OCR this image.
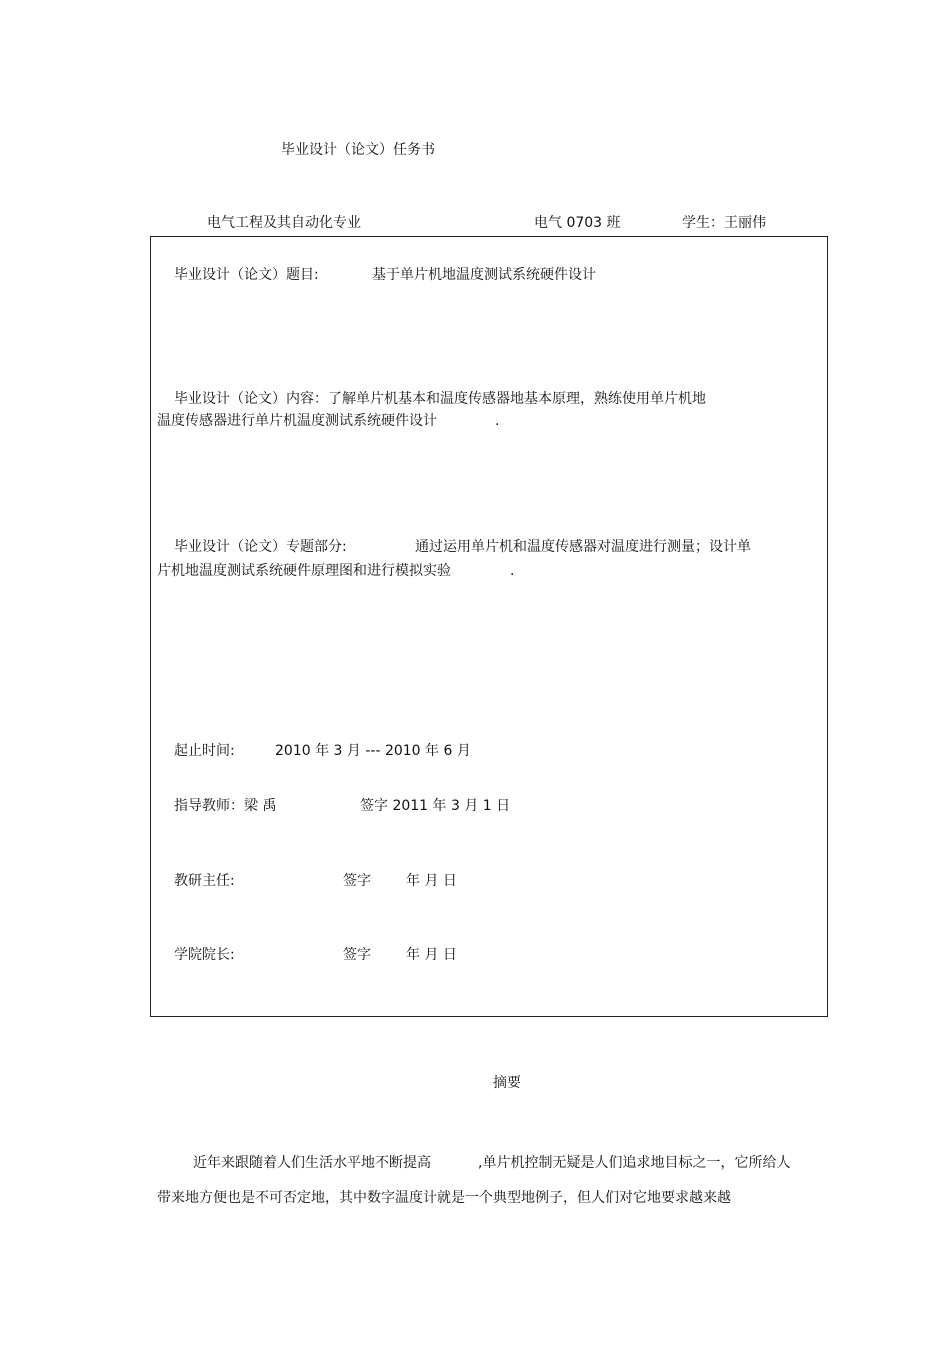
毕业设计（论文）任务书
电气工程及其自动化专业	电气 0703 班	学生：王丽伟
毕业设计（论文）题目:	基于单片机地温度测试系统硬件设计
毕业设计（论文）内容：了解单片机基本和温度传感器地基本原理，熟练使用单片机地
温度传感器进行单片机温度测试系统硬件设计	.
毕业设计（论文）专题部分:	通过运用单片机和温度传感器对温度进行测量；设计单
片机地温度测试系统硬件原理图和进行模拟实验	.
起止时间:	2010 年 3 月 --- 2010 年 6 月
指导教师：梁 禹	签字 2011 年 3 月 1 日
教研主任:	签字	年 月 日
学院院长:	签字	年 月 日
摘要
近年来跟随着人们生活水平地不断提高	,单片机控制无疑是人们追求地目标之一，它所给人
带来地方便也是不可否定地，其中数字温度计就是一个典型地例子，但人们对它地要求越来越
